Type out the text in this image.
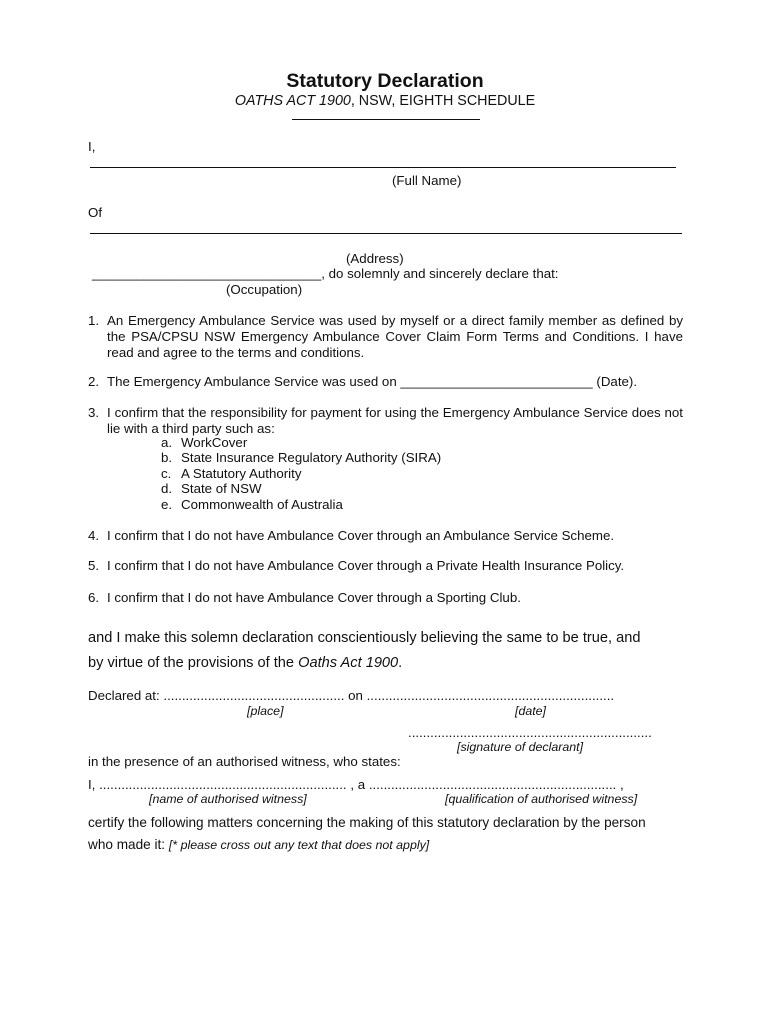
Statutory Declaration
OATHS ACT 1900, NSW, EIGHTH SCHEDULE
I,
(Full Name)
Of
(Address)
_______________________________, do solemnly and sincerely declare that:
(Occupation)
1. An Emergency Ambulance Service was used by myself or a direct family member as defined by the PSA/CPSU NSW Emergency Ambulance Cover Claim Form Terms and Conditions. I have read and agree to the terms and conditions.
2. The Emergency Ambulance Service was used on __________________________ (Date).
3. I confirm that the responsibility for payment for using the Emergency Ambulance Service does not lie with a third party such as:
a. WorkCover
b. State Insurance Regulatory Authority (SIRA)
c. A Statutory Authority
d. State of NSW
e. Commonwealth of Australia
4. I confirm that I do not have Ambulance Cover through an Ambulance Service Scheme.
5. I confirm that I do not have Ambulance Cover through a Private Health Insurance Policy.
6. I confirm that I do not have Ambulance Cover through a Sporting Club.
and I make this solemn declaration conscientiously believing the same to be true, and
by virtue of the provisions of the Oaths Act 1900.
Declared at: ................................................. on ...................................................................
[place]	[date]
..................................................................
[signature of declarant]
in the presence of an authorised witness, who states:
I, ................................................................... , a ................................................................... ,
[name of authorised witness]	[qualification of authorised witness]
certify the following matters concerning the making of this statutory declaration by the person
who made it: [* please cross out any text that does not apply]
